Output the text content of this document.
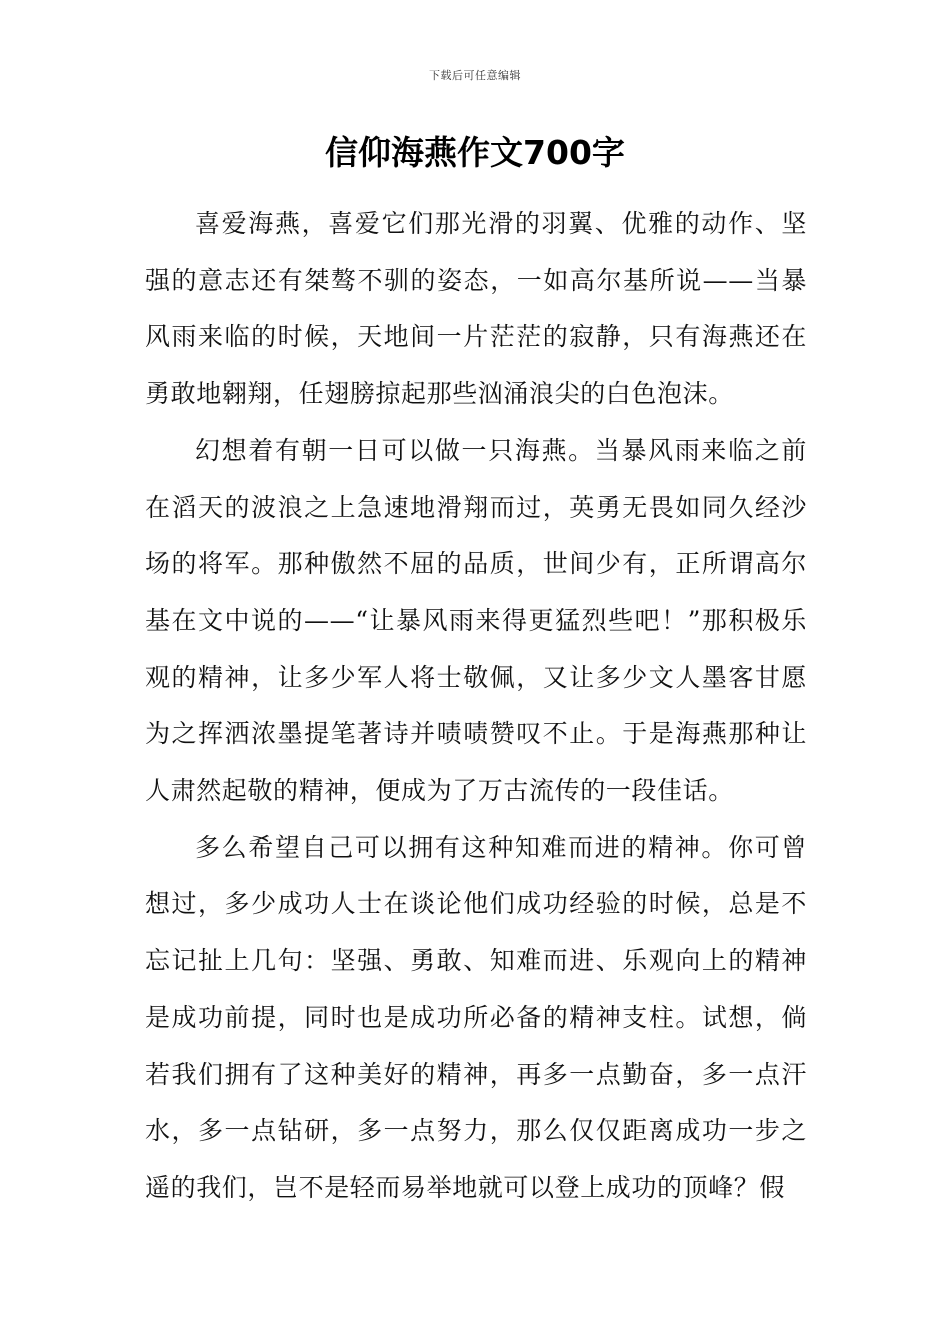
下载后可任意编辑
信仰海燕作文700字

喜爱海燕，喜爱它们那光滑的羽翼、优雅的动作、坚强的意志还有桀骜不驯的姿态，一如高尔基所说——当暴风雨来临的时候，天地间一片茫茫的寂静，只有海燕还在勇敢地翱翔，任翅膀掠起那些汹涌浪尖的白色泡沫。

幻想着有朝一日可以做一只海燕。当暴风雨来临之前在滔天的波浪之上急速地滑翔而过，英勇无畏如同久经沙场的将军。那种傲然不屈的品质，世间少有，正所谓高尔基在文中说的——“让暴风雨来得更猛烈些吧！”那积极乐观的精神，让多少军人将士敬佩，又让多少文人墨客甘愿为之挥洒浓墨提笔著诗并啧啧赞叹不止。于是海燕那种让人肃然起敬的精神，便成为了万古流传的一段佳话。

多么希望自己可以拥有这种知难而进的精神。你可曾想过，多少成功人士在谈论他们成功经验的时候，总是不忘记扯上几句：坚强、勇敢、知难而进、乐观向上的精神是成功前提，同时也是成功所必备的精神支柱。试想，倘若我们拥有了这种美好的精神，再多一点勤奋，多一点汗水，多一点钻研，多一点努力，那么仅仅距离成功一步之遥的我们，岂不是轻而易举地就可以登上成功的顶峰？假
